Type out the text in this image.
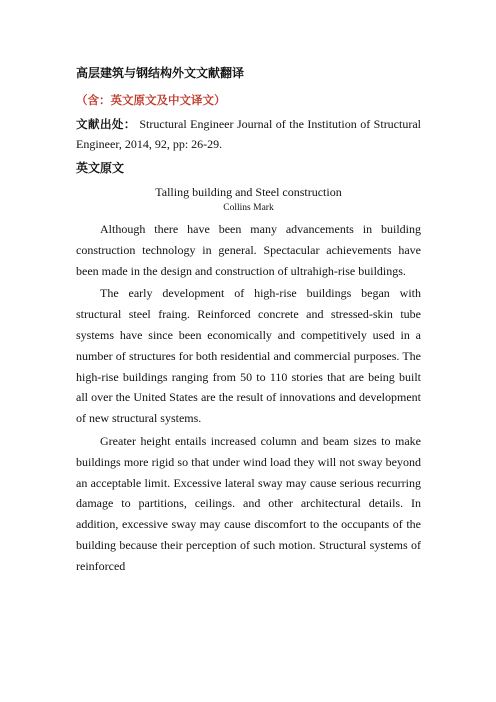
高层建筑与钢结构外文文献翻译
（含：英文原文及中文译文）
文献出处： Structural Engineer Journal of the Institution of Structural Engineer, 2014, 92, pp: 26-29.
英文原文
Talling building and Steel construction
Collins Mark

Although there have been many advancements in building construction technology in general. Spectacular achievements have been made in the design and construction of ultrahigh-rise buildings.

The early development of high-rise buildings began with structural steel fraing. Reinforced concrete and stressed-skin tube systems have since been economically and competitively used in a number of structures for both residential and commercial purposes. The high-rise buildings ranging from 50 to 110 stories that are being built all over the United States are the result of innovations and development of new structural systems.

Greater height entails increased column and beam sizes to make buildings more rigid so that under wind load they will not sway beyond an acceptable limit. Excessive lateral sway may cause serious recurring damage to partitions, ceilings. and other architectural details. In addition, excessive sway may cause discomfort to the occupants of the building because their perception of such motion. Structural systems of reinforced
